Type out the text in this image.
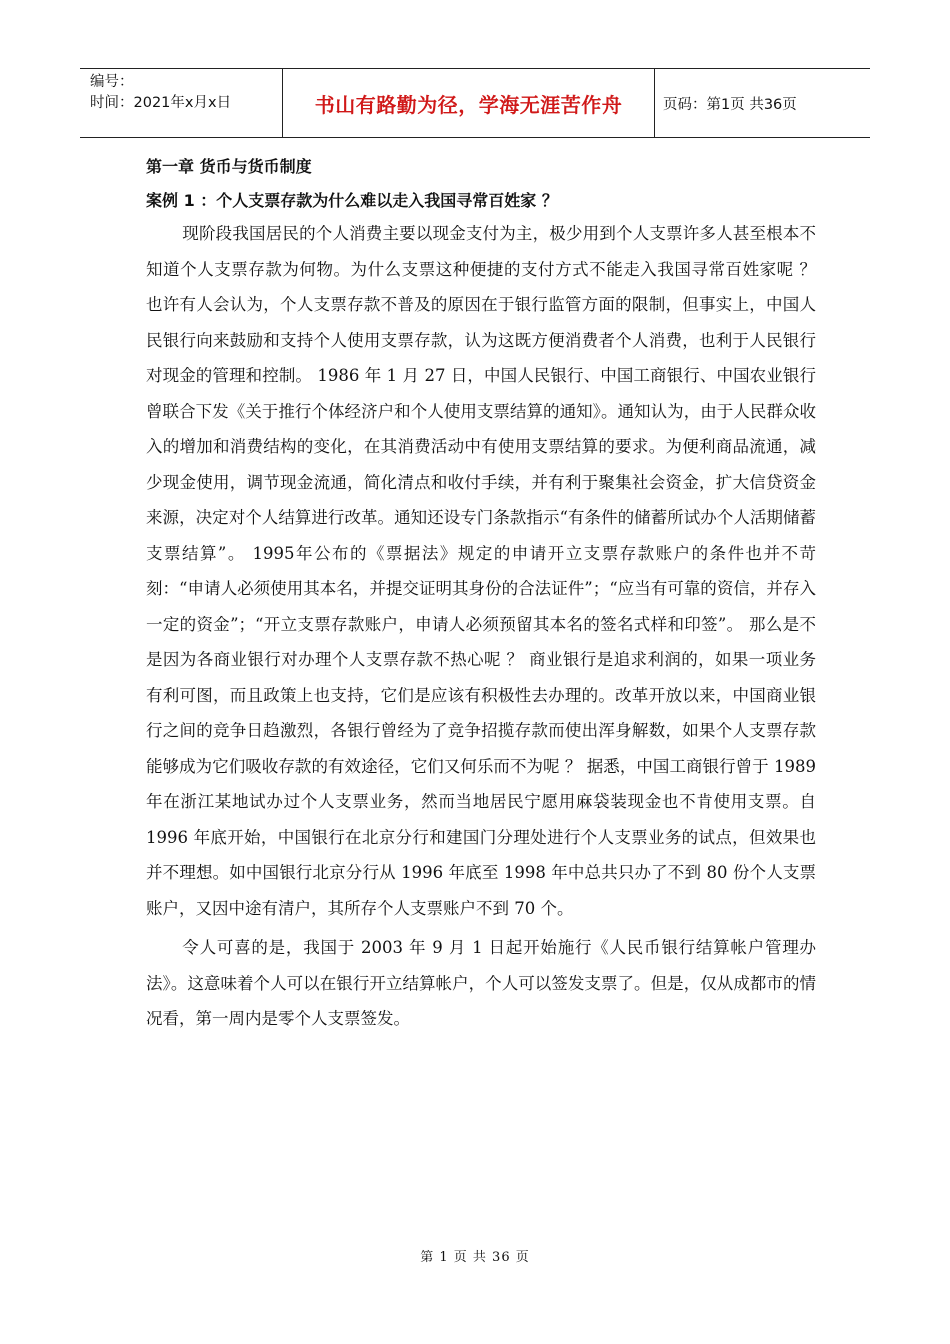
编号：
时间：2021年x月x日	书山有路勤为径，学海无涯苦作舟	页码：第1页 共36页

第一章 货币与货币制度

案例 1 ：个人支票存款为什么难以走入我国寻常百姓家 ？

现阶段我国居民的个人消费主要以现金支付为主，极少用到个人支票许多人甚至根本不知道个人支票存款为何物。为什么支票这种便捷的支付方式不能走入我国寻常百姓家呢 ？ 也许有人会认为，个人支票存款不普及的原因在于银行监管方面的限制，但事实上，中国人民银行向来鼓励和支持个人使用支票存款，认为这既方便消费者个人消费，也利于人民银行对现金的管理和控制。 1986 年 1 月 27 日，中国人民银行、中国工商银行、中国农业银行曾联合下发《关于推行个体经济户和个人使用支票结算的通知》。通知认为，由于人民群众收入的增加和消费结构的变化，在其消费活动中有使用支票结算的要求。为便利商品流通，减少现金使用，调节现金流通，简化清点和收付手续，并有利于聚集社会资金，扩大信贷资金来源，决定对个人结算进行改革。通知还设专门条款指示“有条件的储蓄所试办个人活期储蓄支票结算”。 1995年公布的《票据法》规定的申请开立支票存款账户的条件也并不苛刻：“申请人必须使用其本名，并提交证明其身份的合法证件”；“应当有可靠的资信，并存入一定的资金”；“开立支票存款账户，申请人必须预留其本名的签名式样和印签”。 那么是不是因为各商业银行对办理个人支票存款不热心呢 ？ 商业银行是追求利润的，如果一项业务有利可图，而且政策上也支持，它们是应该有积极性去办理的。改革开放以来，中国商业银行之间的竞争日趋激烈，各银行曾经为了竞争招揽存款而使出浑身解数，如果个人支票存款能够成为它们吸收存款的有效途径，它们又何乐而不为呢 ？ 据悉，中国工商银行曾于 1989 年在浙江某地试办过个人支票业务，然而当地居民宁愿用麻袋装现金也不肯使用支票。自 1996 年底开始，中国银行在北京分行和建国门分理处进行个人支票业务的试点，但效果也并不理想。如中国银行北京分行从 1996 年底至 1998 年中总共只办了不到 80 份个人支票账户，又因中途有清户，其所存个人支票账户不到 70 个。

令人可喜的是，我国于 2003 年 9 月 1 日起开始施行《人民币银行结算帐户管理办法》。这意味着个人可以在银行开立结算帐户，个人可以签发支票了。但是，仅从成都市的情况看，第一周内是零个人支票签发。

第 1 页 共 36 页
